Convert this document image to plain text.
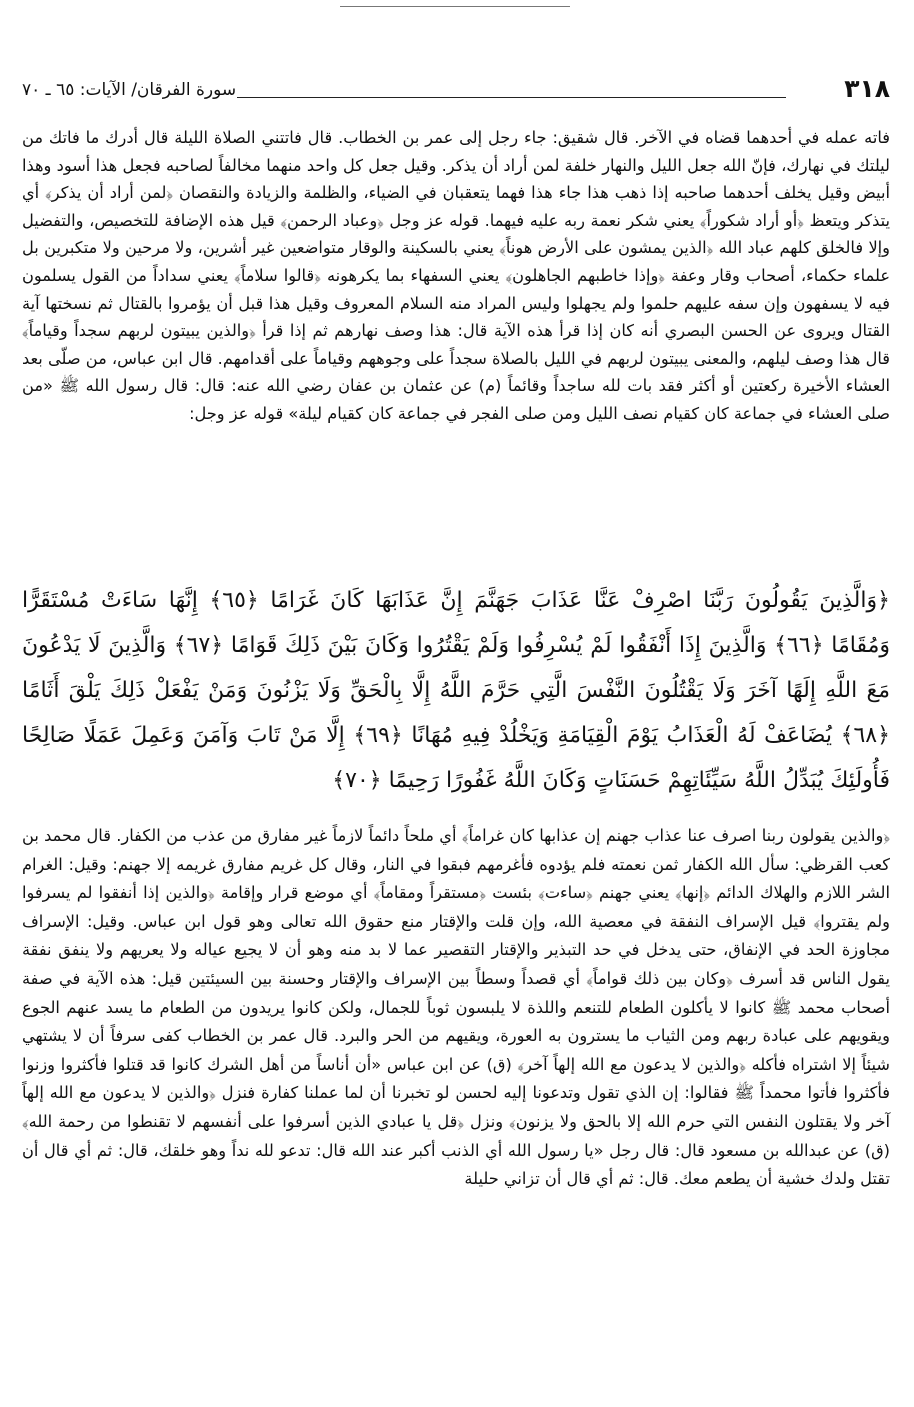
٣١٨
سورة الفرقان/ الآيات: ٦٥ ـ ٧٠

فاته عمله في أحدهما قضاه في الآخر. قال شقيق: جاء رجل إلى عمر بن الخطاب. قال فاتتني الصلاة الليلة قال أدرك ما فاتك من ليلتك في نهارك، فإنّ الله جعل الليل والنهار خلفة لمن أراد أن يذكر. وقيل جعل كل واحد منهما مخالفاً لصاحبه فجعل هذا أسود وهذا أبيض وقيل يخلف أحدهما صاحبه إذا ذهب هذا جاء هذا فهما يتعقبان في الضياء، والظلمة والزيادة والنقصان ﴿لمن أراد أن يذكر﴾ أي يتذكر ويتعظ ﴿أو أراد شكوراً﴾ يعني شكر نعمة ربه عليه فيهما. قوله عز وجل ﴿وعباد الرحمن﴾ قيل هذه الإضافة للتخصيص، والتفضيل وإلا فالخلق كلهم عباد الله ﴿الذين يمشون على الأرض هوناً﴾ يعني بالسكينة والوقار متواضعين غير أشرين، ولا مرحين ولا متكبرين بل علماء حكماء، أصحاب وقار وعفة ﴿وإذا خاطبهم الجاهلون﴾ يعني السفهاء بما يكرهونه ﴿قالوا سلاماً﴾ يعني سداداً من القول يسلمون فيه لا يسفهون وإن سفه عليهم حلموا ولم يجهلوا وليس المراد منه السلام المعروف وقيل هذا قبل أن يؤمروا بالقتال ثم نسختها آية القتال ويروى عن الحسن البصري أنه كان إذا قرأ هذه الآية قال: هذا وصف نهارهم ثم إذا قرأ ﴿والذين يبيتون لربهم سجداً وقياماً﴾ قال هذا وصف ليلهم، والمعنى يبيتون لربهم في الليل بالصلاة سجداً على وجوههم وقياماً على أقدامهم. قال ابن عباس، من صلّى بعد العشاء الأخيرة ركعتين أو أكثر فقد بات لله ساجداً وقائماً (م) عن عثمان بن عفان رضي الله عنه: قال: قال رسول الله ﷺ «من صلى العشاء في جماعة كان كقيام نصف الليل ومن صلى الفجر في جماعة كان كقيام ليلة» قوله عز وجل:

﴿وَالَّذِينَ يَقُولُونَ رَبَّنَا اصْرِفْ عَنَّا عَذَابَ جَهَنَّمَ إِنَّ عَذَابَهَا كَانَ غَرَامًا ﴿٦٥﴾ إِنَّهَا سَاءَتْ مُسْتَقَرًّا وَمُقَامًا ﴿٦٦﴾ وَالَّذِينَ إِذَا أَنْفَقُوا لَمْ يُسْرِفُوا وَلَمْ يَقْتُرُوا وَكَانَ بَيْنَ ذَلِكَ قَوَامًا ﴿٦٧﴾ وَالَّذِينَ لَا يَدْعُونَ مَعَ اللَّهِ إِلَهًا آخَرَ وَلَا يَقْتُلُونَ النَّفْسَ الَّتِي حَرَّمَ اللَّهُ إِلَّا بِالْحَقِّ وَلَا يَزْنُونَ وَمَنْ يَفْعَلْ ذَلِكَ يَلْقَ أَثَامًا ﴿٦٨﴾ يُضَاعَفْ لَهُ الْعَذَابُ يَوْمَ الْقِيَامَةِ وَيَخْلُدْ فِيهِ مُهَانًا ﴿٦٩﴾ إِلَّا مَنْ تَابَ وَآمَنَ وَعَمِلَ عَمَلًا صَالِحًا فَأُولَئِكَ يُبَدِّلُ اللَّهُ سَيِّئَاتِهِمْ حَسَنَاتٍ وَكَانَ اللَّهُ غَفُورًا رَحِيمًا ﴿٧٠﴾

﴿والذين يقولون ربنا اصرف عنا عذاب جهنم إن عذابها كان غراماً﴾ أي ملحاً دائماً لازماً غير مفارق من عذب من الكفار. قال محمد بن كعب القرظي: سأل الله الكفار ثمن نعمته فلم يؤدوه فأغرمهم فبقوا في النار، وقال كل غريم مفارق غريمه إلا جهنم: وقيل: الغرام الشر اللازم والهلاك الدائم ﴿إنها﴾ يعني جهنم ﴿ساءت﴾ بئست ﴿مستقراً ومقاماً﴾ أي موضع قرار وإقامة ﴿والذين إذا أنفقوا لم يسرفوا ولم يقتروا﴾ قيل الإسراف النفقة في معصية الله، وإن قلت والإقتار منع حقوق الله تعالى وهو قول ابن عباس. وقيل: الإسراف مجاوزة الحد في الإنفاق، حتى يدخل في حد التبذير والإقتار التقصير عما لا بد منه وهو أن لا يجيع عياله ولا يعريهم ولا ينفق نفقة يقول الناس قد أسرف ﴿وكان بين ذلك قواماً﴾ أي قصداً وسطاً بين الإسراف والإقتار وحسنة بين السيئتين قيل: هذه الآية في صفة أصحاب محمد ﷺ كانوا لا يأكلون الطعام للتنعم واللذة لا يلبسون ثوباً للجمال، ولكن كانوا يريدون من الطعام ما يسد عنهم الجوع ويقويهم على عبادة ربهم ومن الثياب ما يسترون به العورة، ويقيهم من الحر والبرد. قال عمر بن الخطاب كفى سرفاً أن لا يشتهي شيئاً إلا اشتراه فأكله ﴿والذين لا يدعون مع الله إلهاً آخر﴾ (ق) عن ابن عباس «أن أناساً من أهل الشرك كانوا قد قتلوا فأكثروا وزنوا فأكثروا فأتوا محمداً ﷺ فقالوا: إن الذي تقول وتدعونا إليه لحسن لو تخبرنا أن لما عملنا كفارة فنزل ﴿والذين لا يدعون مع الله إلهاً آخر ولا يقتلون النفس التي حرم الله إلا بالحق ولا يزنون﴾ ونزل ﴿قل يا عبادي الذين أسرفوا على أنفسهم لا تقنطوا من رحمة الله﴾ (ق) عن عبدالله بن مسعود قال: قال رجل «يا رسول الله أي الذنب أكبر عند الله قال: تدعو لله نداً وهو خلقك، قال: ثم أي قال أن تقتل ولدك خشية أن يطعم معك. قال: ثم أي قال أن تزاني حليلة
